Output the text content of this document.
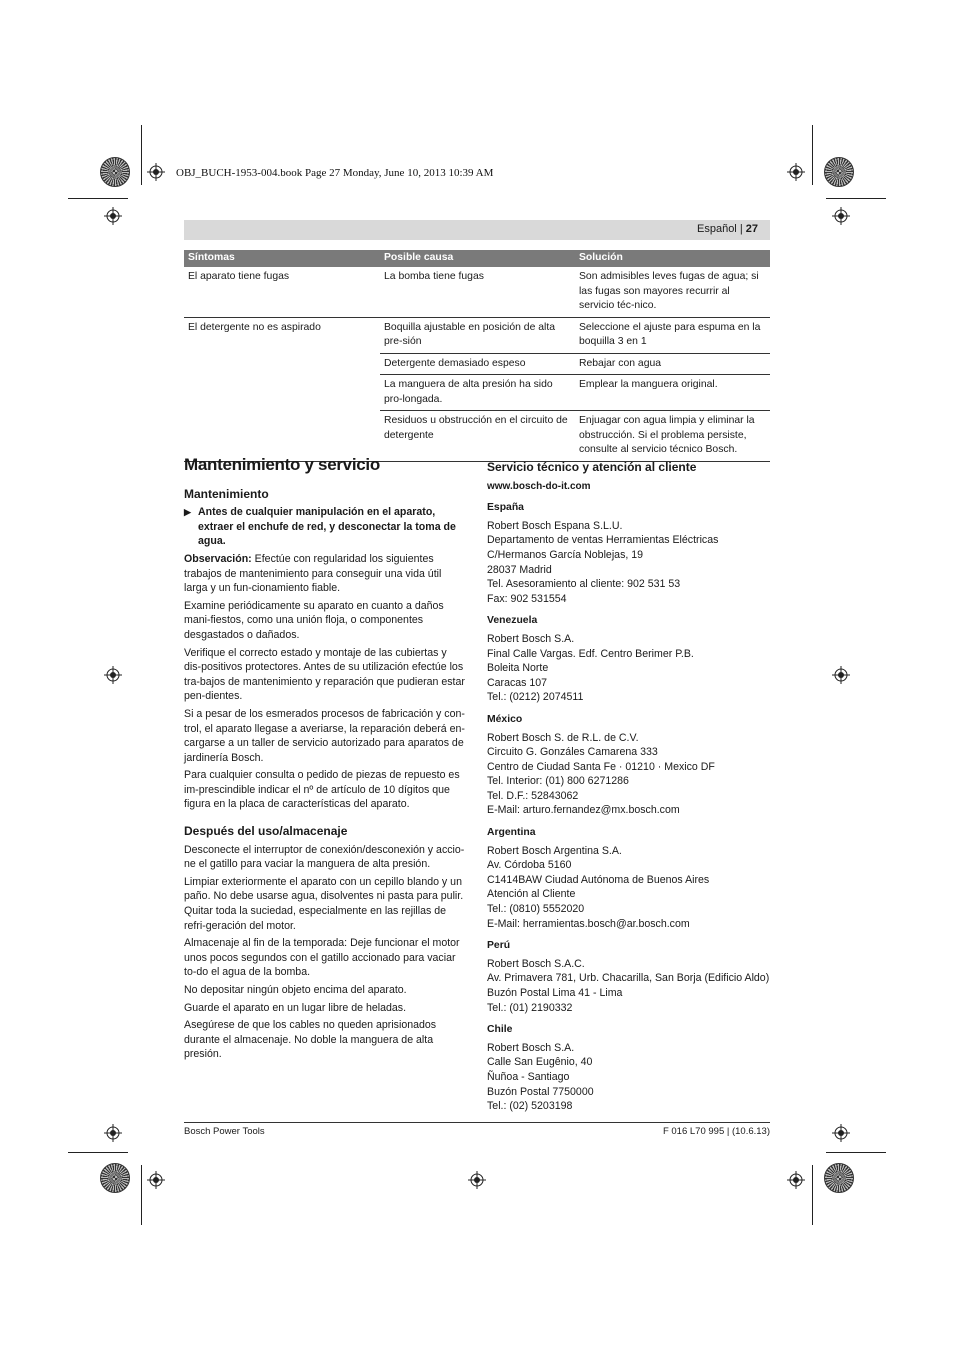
OBJ_BUCH-1953-004.book Page 27 Monday, June 10, 2013 10:39 AM
Español | 27
Síntomas	Posible causa	Solución
El aparato tiene fugas	La bomba tiene fugas	Son admisibles leves fugas de agua; si las fugas son mayores recurrir al servicio téc-nico.
El detergente no es aspirado	Boquilla ajustable en posición de alta pre-sión	Seleccione el ajuste para espuma en la boquilla 3 en 1
	Detergente demasiado espeso	Rebajar con agua
	La manguera de alta presión ha sido pro-longada.	Emplear la manguera original.
	Residuos u obstrucción en el circuito de detergente	Enjuagar con agua limpia y eliminar la obstrucción. Si el problema persiste, consulte al servicio técnico Bosch.
Mantenimiento y servicio
Mantenimiento
▶ Antes de cualquier manipulación en el aparato, extraer el enchufe de red, y desconectar la toma de agua.

Observación: Efectúe con regularidad los siguientes trabajos de mantenimiento para conseguir una vida útil larga y un fun-cionamiento fiable.

Examine periódicamente su aparato en cuanto a daños mani-fiestos, como una unión floja, o componentes desgastados o dañados.

Verifique el correcto estado y montaje de las cubiertas y dis-positivos protectores. Antes de su utilización efectúe los tra-bajos de mantenimiento y reparación que pudieran estar pen-dientes.

Si a pesar de los esmerados procesos de fabricación y con-trol, el aparato llegase a averiarse, la reparación deberá en-cargarse a un taller de servicio autorizado para aparatos de jardinería Bosch.

Para cualquier consulta o pedido de piezas de repuesto es im-prescindible indicar el nº de artículo de 10 dígitos que figura en la placa de características del aparato.

Después del uso/almacenaje

Desconecte el interruptor de conexión/desconexión y accio-ne el gatillo para vaciar la manguera de alta presión.

Limpiar exteriormente el aparato con un cepillo blando y un paño. No debe usarse agua, disolventes ni pasta para pulir. Quitar toda la suciedad, especialmente en las rejillas de refri-geración del motor.

Almacenaje al fin de la temporada: Deje funcionar el motor unos pocos segundos con el gatillo accionado para vaciar to-do el agua de la bomba.

No depositar ningún objeto encima del aparato.

Guarde el aparato en un lugar libre de heladas.

Asegúrese de que los cables no queden aprisionados durante el almacenaje. No doble la manguera de alta presión.

Servicio técnico y atención al cliente
www.bosch-do-it.com
España
Robert Bosch Espana S.L.U.
Departamento de ventas Herramientas Eléctricas
C/Hermanos García Noblejas, 19
28037 Madrid
Tel. Asesoramiento al cliente: 902 531 53
Fax: 902 531554
Venezuela
Robert Bosch S.A.
Final Calle Vargas. Edf. Centro Berimer P.B.
Boleita Norte
Caracas 107
Tel.: (0212) 2074511
México
Robert Bosch S. de R.L. de C.V.
Circuito G. Gonzáles Camarena 333
Centro de Ciudad Santa Fe · 01210 · Mexico DF
Tel. Interior: (01) 800 6271286
Tel. D.F.: 52843062
E-Mail: arturo.fernandez@mx.bosch.com
Argentina
Robert Bosch Argentina S.A.
Av. Córdoba 5160
C1414BAW Ciudad Autónoma de Buenos Aires
Atención al Cliente
Tel.: (0810) 5552020
E-Mail: herramientas.bosch@ar.bosch.com
Perú
Robert Bosch S.A.C.
Av. Primavera 781, Urb. Chacarilla, San Borja (Edificio Aldo)
Buzón Postal Lima 41 - Lima
Tel.: (01) 2190332
Chile
Robert Bosch S.A.
Calle San Eugênio, 40
Ñuñoa - Santiago
Buzón Postal 7750000
Tel.: (02) 5203198
Bosch Power Tools	F 016 L70 995 | (10.6.13)
